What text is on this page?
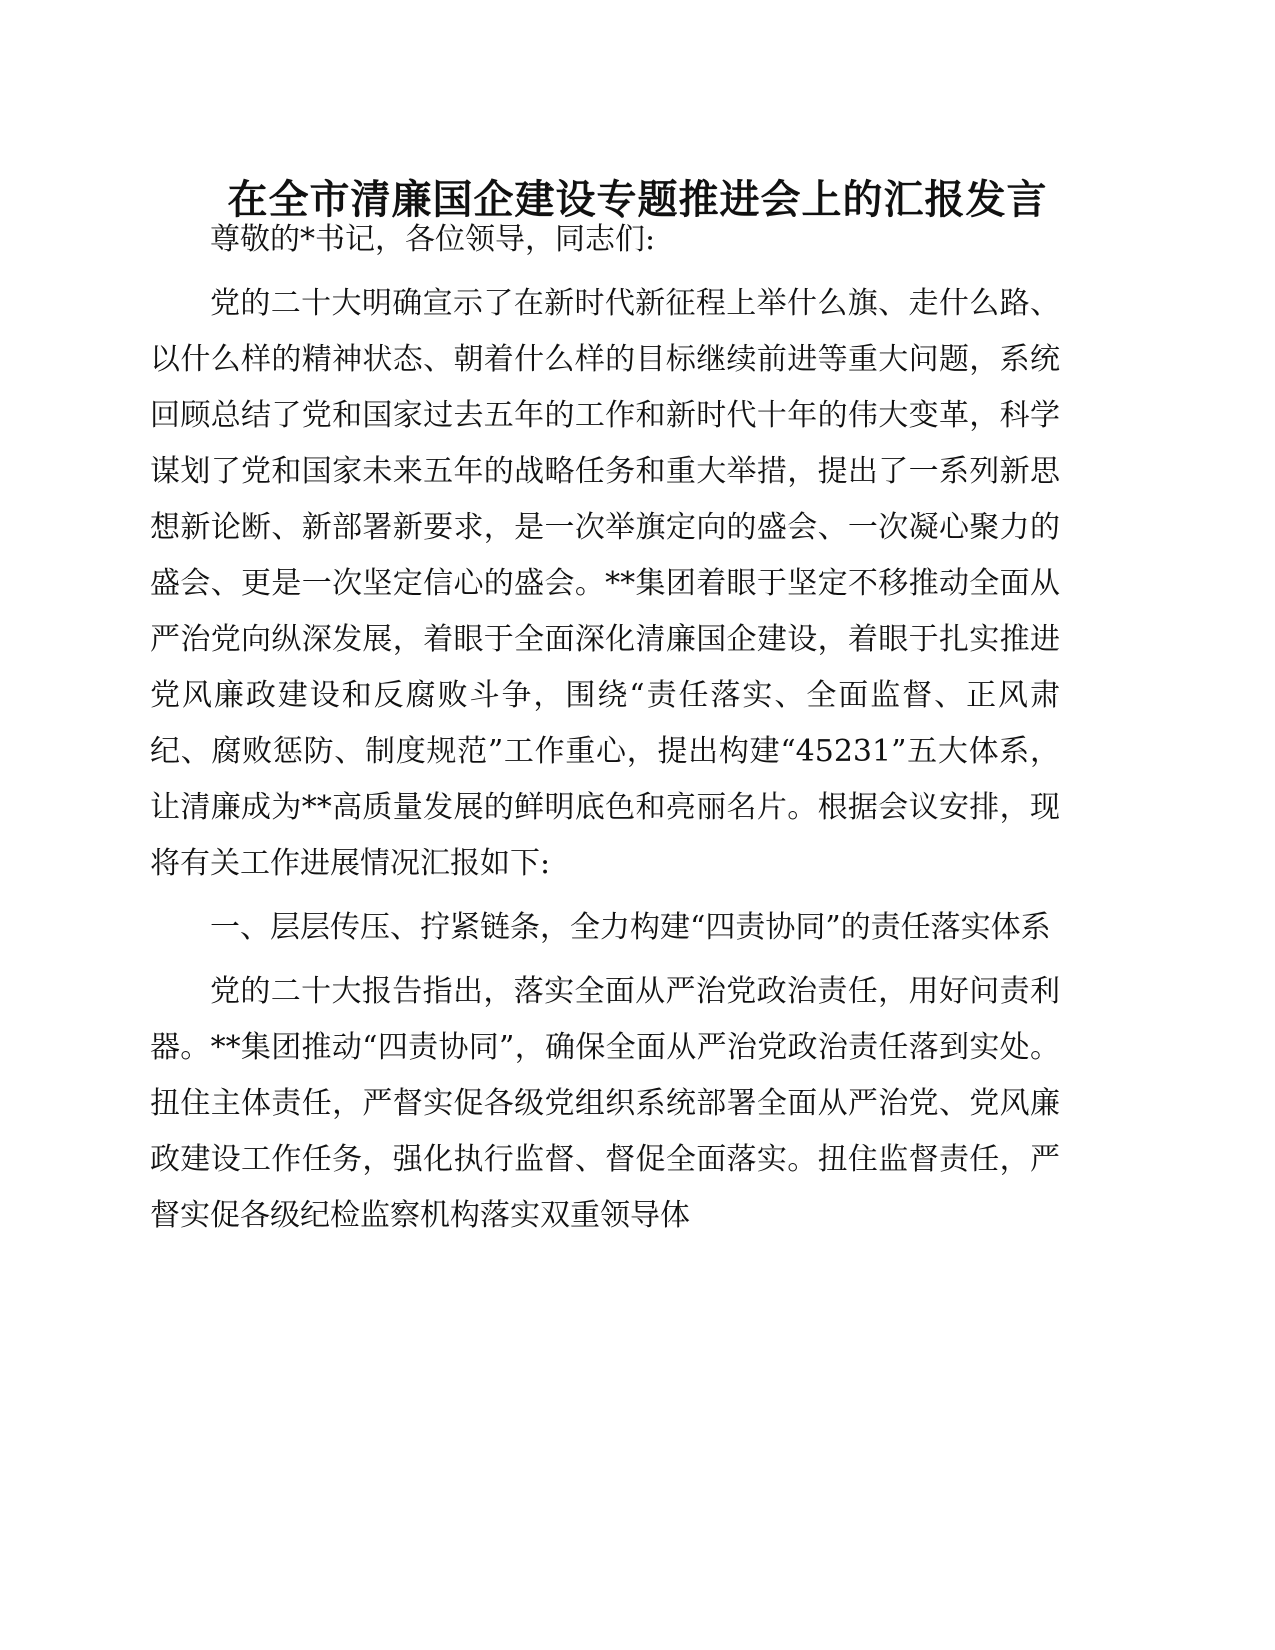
在全市清廉国企建设专题推进会上的汇报发言

尊敬的*书记，各位领导，同志们:

党的二十大明确宣示了在新时代新征程上举什么旗、走什么路、以什么样的精神状态、朝着什么样的目标继续前进等重大问题，系统回顾总结了党和国家过去五年的工作和新时代十年的伟大变革，科学谋划了党和国家未来五年的战略任务和重大举措，提出了一系列新思想新论断、新部署新要求，是一次举旗定向的盛会、一次凝心聚力的盛会、更是一次坚定信心的盛会。**集团着眼于坚定不移推动全面从严治党向纵深发展，着眼于全面深化清廉国企建设，着眼于扎实推进党风廉政建设和反腐败斗争，围绕“责任落实、全面监督、正风肃纪、腐败惩防、制度规范”工作重心，提出构建“45231”五大体系，让清廉成为**高质量发展的鲜明底色和亮丽名片。根据会议安排，现将有关工作进展情况汇报如下:

一、层层传压、拧紧链条，全力构建“四责协同”的责任落实体系

党的二十大报告指出，落实全面从严治党政治责任，用好问责利器。**集团推动“四责协同”，确保全面从严治党政治责任落到实处。扭住主体责任，严督实促各级党组织系统部署全面从严治党、党风廉政建设工作任务，强化执行监督、督促全面落实。扭住监督责任，严督实促各级纪检监察机构落实双重领导体
